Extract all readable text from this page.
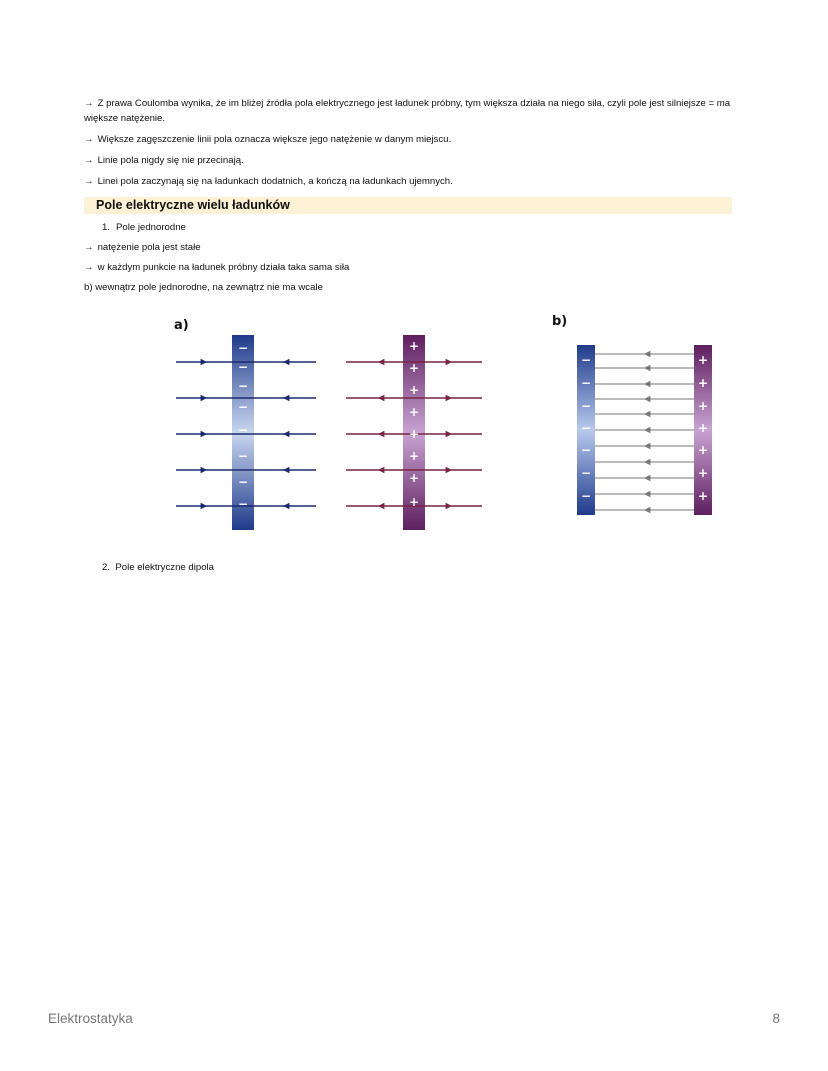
→ Z prawa Coulomba wynika, że im bliżej źródła pola elektrycznego jest ładunek próbny, tym większa działa na niego siła, czyli pole jest silniejsze = ma większe natężenie.
→ Większe zagęszczenie linii pola oznacza większe jego natężenie w danym miejscu.
→ Linie pola nigdy się nie przecinają.
→ Linei pola zaczynają się na ładunkach dodatnich, a kończą na ładunkach ujemnych.
Pole elektryczne wielu ładunków
1. Pole jednorodne
→ natężenie pola jest stałe
→ w każdym punkcie na ładunek próbny działa taka sama siła
b) wewnątrz pole jednorodne, na zewnątrz nie ma wcale
−
−
−
−
−
−
−
−
+
+
+
+
+
+
+
+
−
−
−
−
−
−
−
+
+
+
+
+
+
+
a)	b)
2. Pole elektryczne dipola
Elektrostatyka	8
